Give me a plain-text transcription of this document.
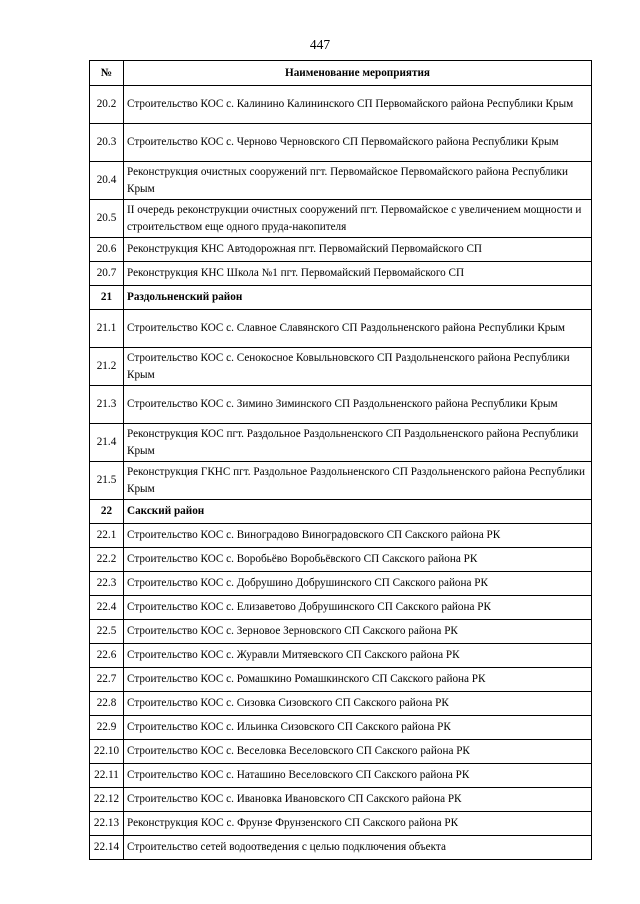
447
№	Наименование мероприятия
20.2	Строительство КОС с. Калинино Калининского СП Первомайского района Республики Крым
20.3	Строительство КОС с. Черново Черновского СП Первомайского района Республики Крым
20.4	Реконструкция очистных сооружений пгт. Первомайское Первомайского района Республики Крым
20.5	II очередь реконструкции очистных сооружений пгт. Первомайское с увеличением мощности и строительством еще одного пруда-накопителя
20.6	Реконструкция КНС Автодорожная пгт. Первомайский Первомайского СП
20.7	Реконструкция КНС Школа №1 пгт. Первомайский Первомайского СП
21	Раздольненский район
21.1	Строительство КОС с. Славное Славянского СП Раздольненского района Республики Крым
21.2	Строительство КОС с. Сенокосное Ковыльновского СП Раздольненского района Республики Крым
21.3	Строительство КОС с. Зимино Зиминского СП Раздольненского района Республики Крым
21.4	Реконструкция КОС пгт. Раздольное Раздольненского СП Раздольненского района Республики Крым
21.5	Реконструкция ГКНС пгт. Раздольное Раздольненского СП Раздольненского района Республики Крым
22	Сакский район
22.1	Строительство КОС с. Виноградово Виноградовского СП Сакского района РК
22.2	Строительство КОС с. Воробьёво Воробьёвского СП Сакского района РК
22.3	Строительство КОС с. Добрушино Добрушинского СП Сакского района РК
22.4	Строительство КОС с. Елизаветово Добрушинского СП Сакского района РК
22.5	Строительство КОС с. Зерновое Зерновского СП Сакского района РК
22.6	Строительство КОС с. Журавли Митяевского СП Сакского района РК
22.7	Строительство КОС с. Ромашкино Ромашкинского СП Сакского района РК
22.8	Строительство КОС с. Сизовка Сизовского СП Сакского района РК
22.9	Строительство КОС с. Ильинка Сизовского СП Сакского района РК
22.10	Строительство КОС с. Веселовка Веселовского СП Сакского района РК
22.11	Строительство КОС с. Наташино Веселовского СП Сакского района РК
22.12	Строительство КОС с. Ивановка Ивановского СП Сакского района РК
22.13	Реконструкция КОС с. Фрунзе Фрунзенского СП Сакского района РК
22.14	Строительство сетей водоотведения с целью подключения объекта
